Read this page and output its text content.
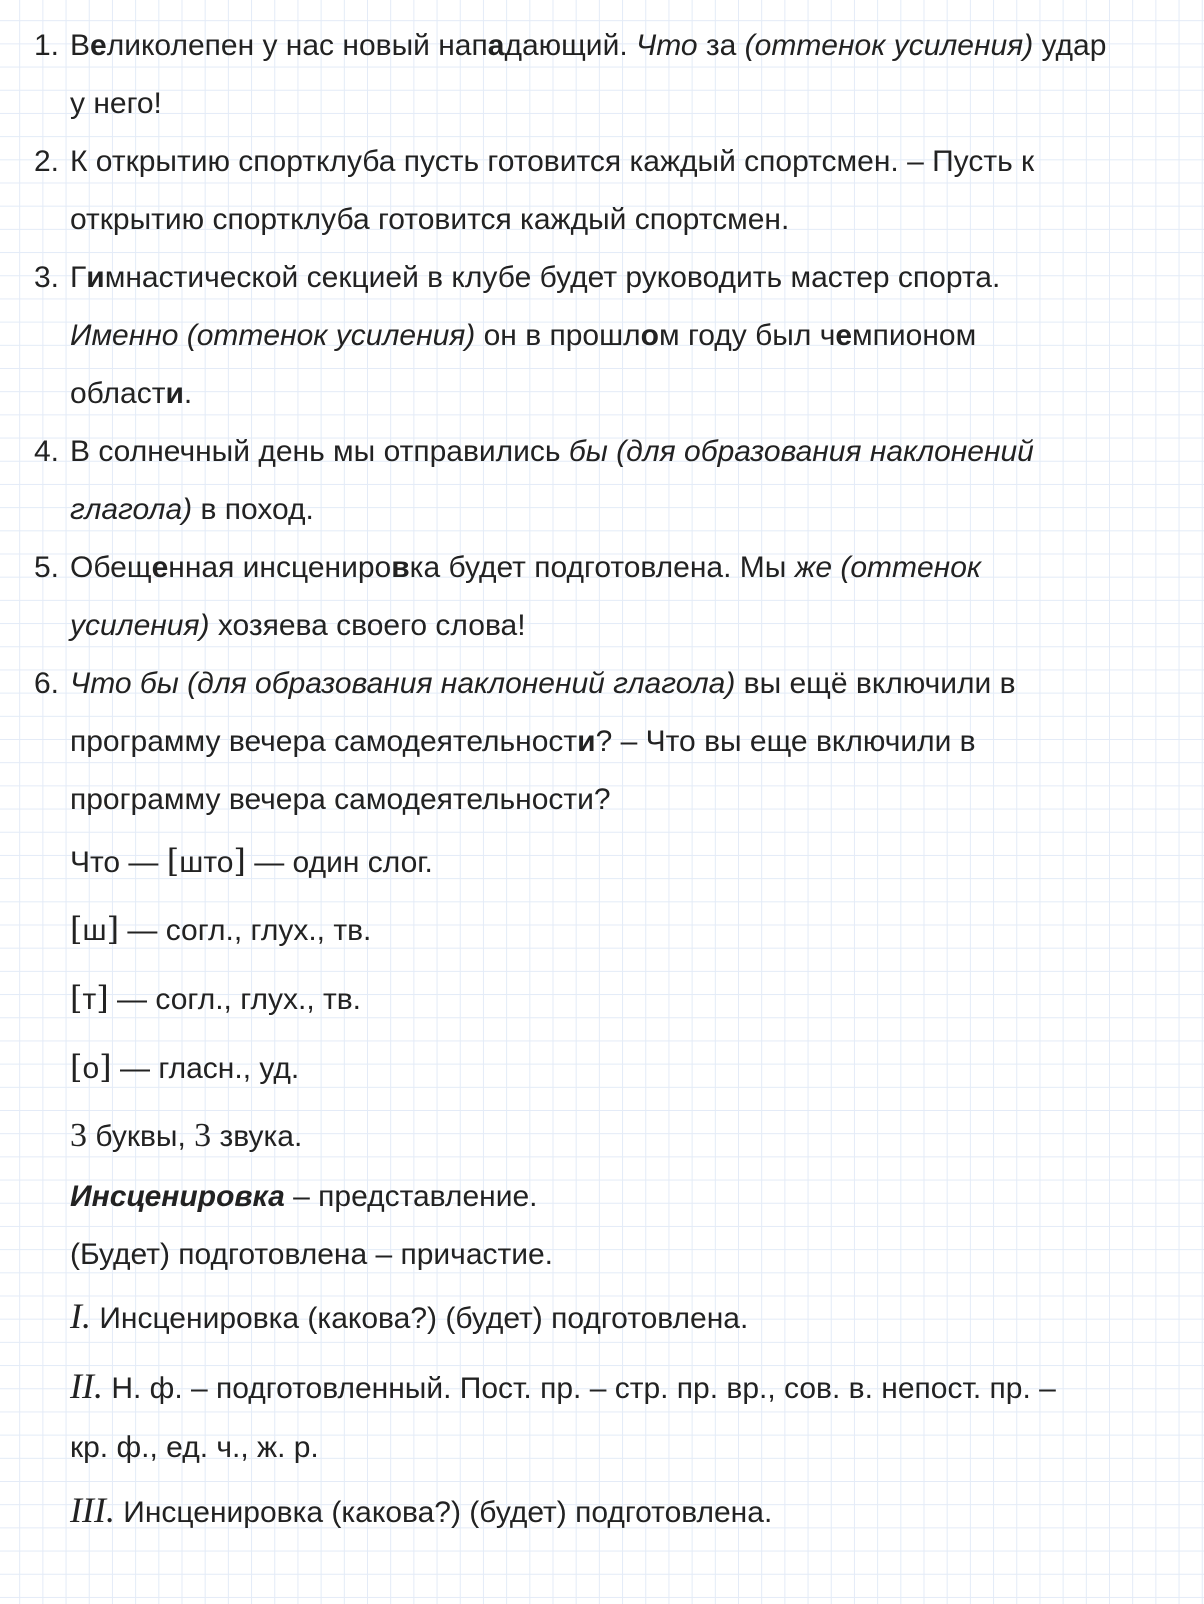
1. Великолепен у нас новый нападающий. Что за (оттенок усиления) удар
у него!
2. К открытию спортклуба пусть готовится каждый спортсмен. – Пусть к
открытию спортклуба готовится каждый спортсмен.
3. Гимнастической секцией в клубе будет руководить мастер спорта.
Именно (оттенок усиления) он в прошлом году был чемпионом
области.
4. В солнечный день мы отправились бы (для образования наклонений
глагола) в поход.
5. Обещенная инсценировка будет подготовлена. Мы же (оттенок
усиления) хозяева своего слова!
6. Что бы (для образования наклонений глагола) вы ещё включили в
программу вечера самодеятельности? – Что вы еще включили в
программу вечера самодеятельности?
Что — [што] — один слог.
[ш] — согл., глух., тв.
[т] — согл., глух., тв.
[о] — гласн., уд.
3 буквы, 3 звука.
Инсценировка – представление.
(Будет) подготовлена – причастие.
I. Инсценировка (какова?) (будет) подготовлена.
II. Н. ф. – подготовленный. Пост. пр. – стр. пр. вр., сов. в. непост. пр. –
кр. ф., ед. ч., ж. р.
III. Инсценировка (какова?) (будет) подготовлена.
